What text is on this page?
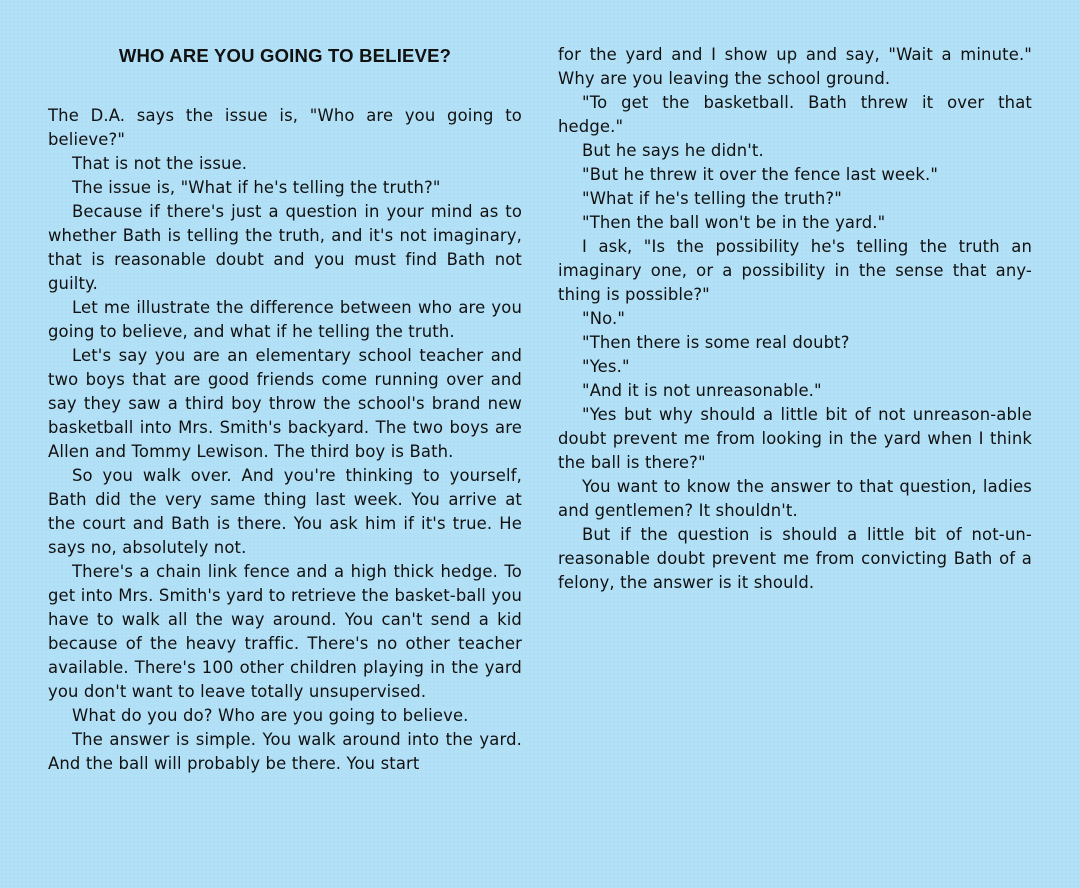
WHO ARE YOU GOING TO BELIEVE?

The D.A. says the issue is, "Who are you going to believe?"

That is not the issue.

The issue is, "What if he's telling the truth?"

Because if there's just a question in your mind as to whether Bath is telling the truth, and it's not imaginary, that is reasonable doubt and you must find Bath not guilty.

Let me illustrate the difference between who are you going to believe, and what if he telling the truth.

Let's say you are an elementary school teacher and two boys that are good friends come running over and say they saw a third boy throw the school's brand new basketball into Mrs. Smith's backyard. The two boys are Allen and Tommy Lewison. The third boy is Bath.

So you walk over. And you're thinking to yourself, Bath did the very same thing last week. You arrive at the court and Bath is there. You ask him if it's true. He says no, absolutely not.

There's a chain link fence and a high thick hedge. To get into Mrs. Smith's yard to retrieve the basket-ball you have to walk all the way around. You can't send a kid because of the heavy traffic. There's no other teacher available. There's 100 other children playing in the yard you don't want to leave totally unsupervised.

What do you do? Who are you going to believe.

The answer is simple. You walk around into the yard. And the ball will probably be there. You start

for the yard and I show up and say, "Wait a minute." Why are you leaving the school ground.

"To get the basketball. Bath threw it over that hedge."

But he says he didn't.

"But he threw it over the fence last week."

"What if he's telling the truth?"

"Then the ball won't be in the yard."

I ask, "Is the possibility he's telling the truth an imaginary one, or a possibility in the sense that any-thing is possible?"

"No."

"Then there is some real doubt?

"Yes."

"And it is not unreasonable."

"Yes but why should a little bit of not unreason-able doubt prevent me from looking in the yard when I think the ball is there?"

You want to know the answer to that question, ladies and gentlemen? It shouldn't.

But if the question is should a little bit of not-un-reasonable doubt prevent me from convicting Bath of a felony, the answer is it should.
